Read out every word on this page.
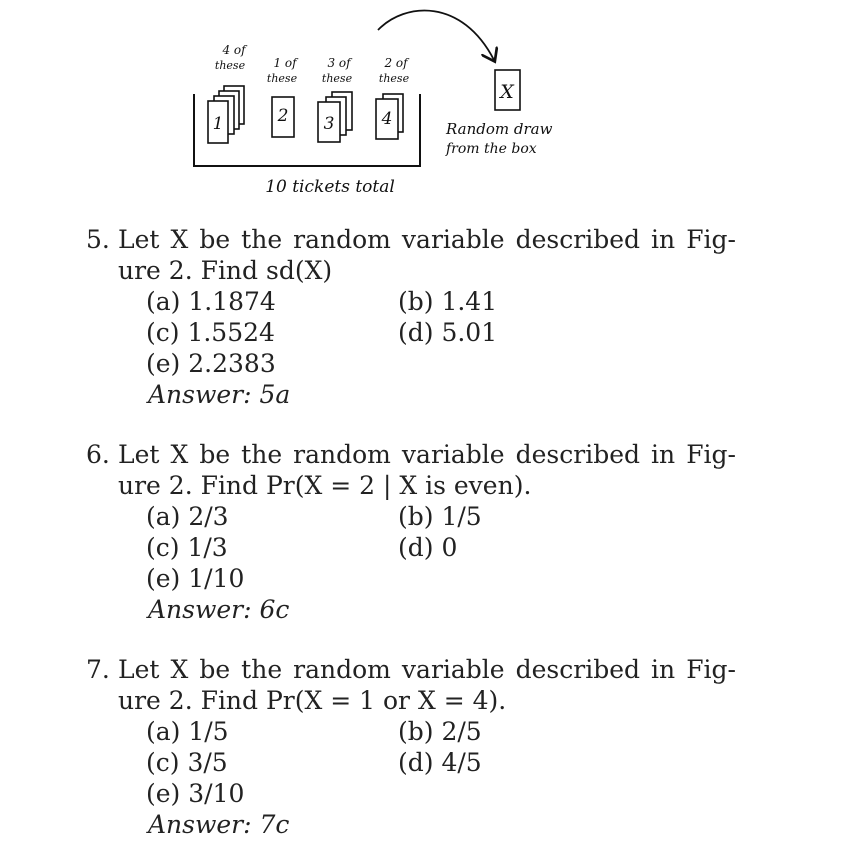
1
4 of
these
2
1 of
these
3
3 of
these
4
2 of
these
10 tickets total
X
Random draw
from the box
5. Let X be the random variable described in Fig-
ure 2. Find sd(X)
(a) 1.1874	(b) 1.41
(c) 1.5524	(d) 5.01
(e) 2.2383
Answer: 5a
6. Let X be the random variable described in Fig-
ure 2. Find Pr(X = 2 | X is even).
(a) 2/3	(b) 1/5
(c) 1/3	(d) 0
(e) 1/10
Answer: 6c
7. Let X be the random variable described in Fig-
ure 2. Find Pr(X = 1 or X = 4).
(a) 1/5	(b) 2/5
(c) 3/5	(d) 4/5
(e) 3/10
Answer: 7c
